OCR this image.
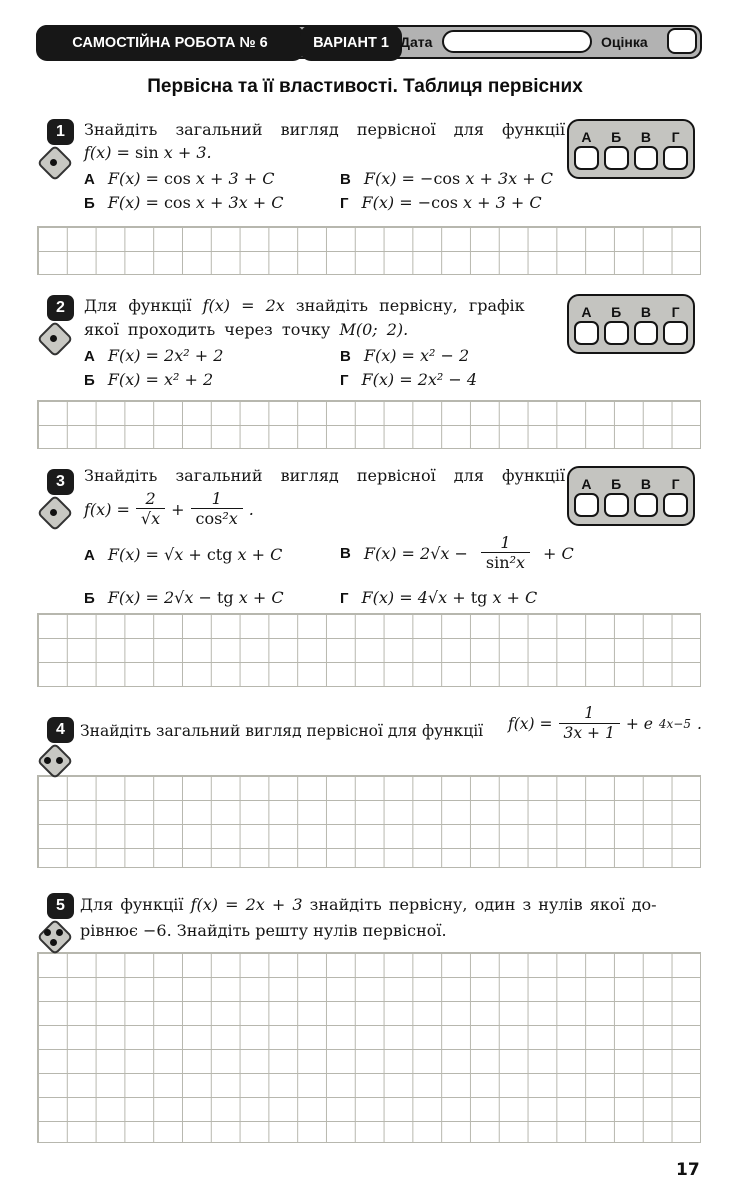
САМОСТІЙНА РОБОТА № 6	ВАРІАНТ 1 Дата	Оцінка
Первісна та її властивості. Таблиця первісних
1	Знайдіть загальний вигляд первісної для функції
f(x) = sin x + 3.
А F(x) = cos x + 3 + C
Б F(x) = cos x + 3x + C
В F(x) = −cos x + 3x + C
Г F(x) = −cos x + 3 + C
А	Б	В	Г
2	Для функції f(x) = 2x знайдіть первісну, графік
якої проходить через точку M(0; 2).
А F(x) = 2x² + 2
Б F(x) = x² + 2
В F(x) = x² − 2
Г F(x) = 2x² − 4
А	Б	В	Г
3	Знайдіть загальний вигляд первісної для функції
$f(x) = \frac{2}{√x} + \frac{1}{\text{cos²x}}$ .
А F(x) = √x + ctg x + C
Б F(x) = 2√x − tg x + C
В $F(x) = 2√x - \frac{1}{\text{sin²x}} + C$
Г F(x) = 4√x + tg x + C
А	Б	В	Г
4 Знайдіть загальний вигляд первісної для функції $f(x) = \frac{1}{3x + 1} + e$ 4x−5 .
5 Для функції f(x) = 2x + 3 знайдіть первісну, один з нулів якої до-
рівнює −6. Знайдіть решту нулів первісної.
17
